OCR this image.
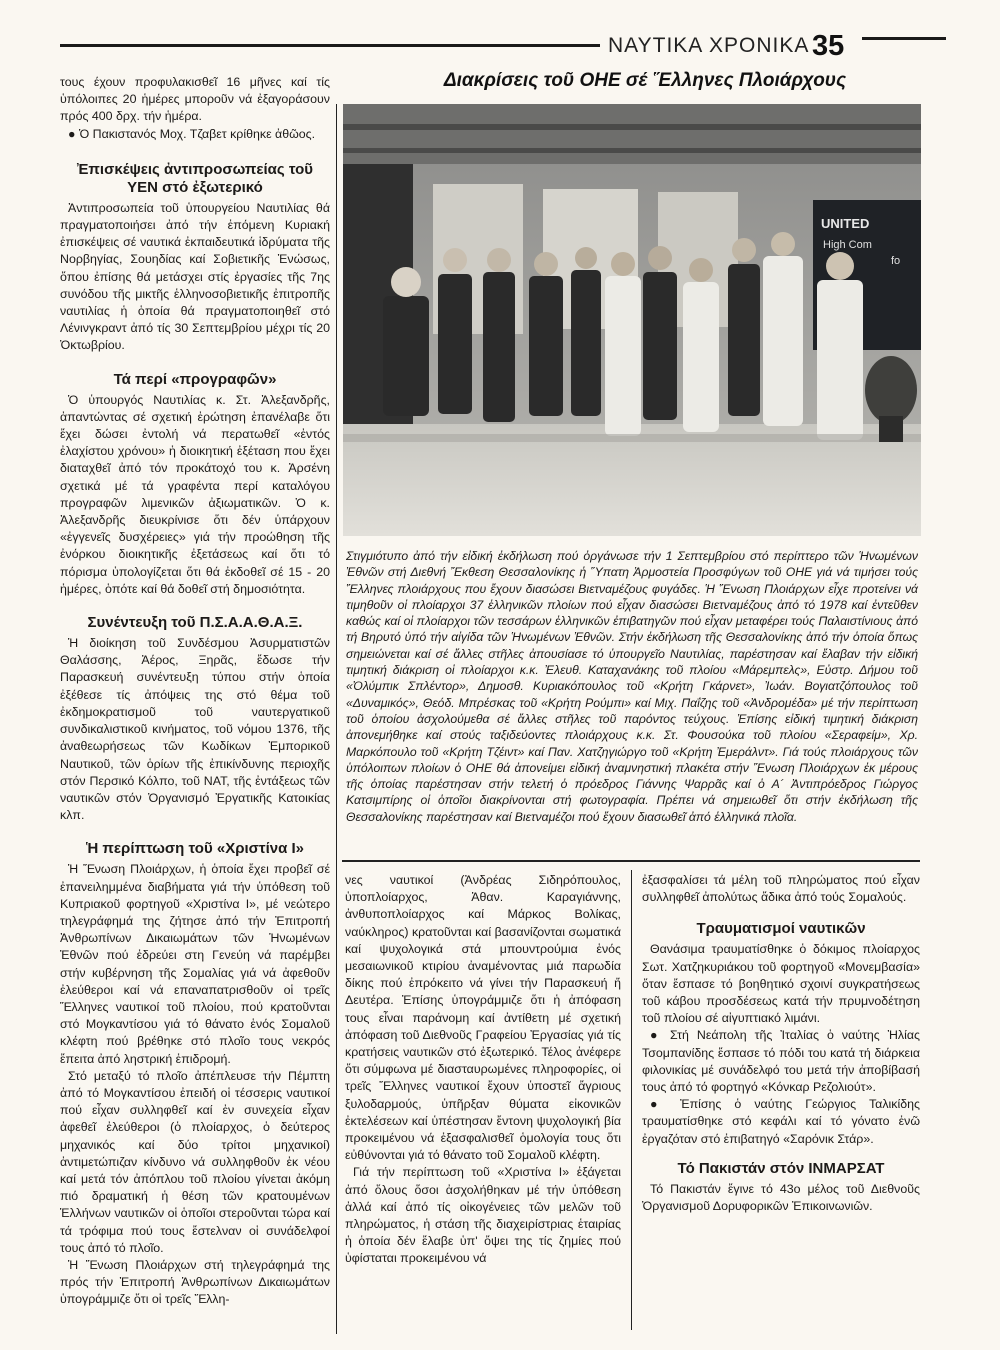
ΝΑΥΤΙΚΑ ΧΡΟΝΙΚΑ 35

τους έχουν προφυλακισθεῖ 16 μῆνες καί τίς ὑπόλοιπες 20 ἡμέρες μποροῦν νά ἐξαγοράσουν πρός 400 δρχ. τήν ἡμέρα.

● Ὁ Πακιστανός Μοχ. Τζαβετ κρίθηκε ἀθῶος.

Ἐπισκέψεις ἀντιπροσωπείας τοῦ ΥΕΝ στό ἐξωτερικό

Ἀντιπροσωπεία τοῦ ὑπουργείου Ναυτιλίας θά πραγματοποιήσει ἀπό τήν ἑπόμενη Κυριακή ἐπισκέψεις σέ ναυτικά ἐκπαιδευτικά ἱδρύματα τῆς Νορβηγίας, Σουηδίας καί Σοβιετικῆς Ἑνώσως, ὅπου ἐπίσης θά μετάσχει στίς ἐργασίες τῆς 7ης συνόδου τῆς μικτῆς ἑλληνοσοβιετικῆς ἐπιτροπῆς ναυτιλίας ἡ ὁποία θά πραγματοποιηθεῖ στό Λένινγκραντ ἀπό τίς 30 Σεπτεμβρίου μέχρι τίς 20 Ὀκτωβρίου.

Τά περί «προγραφῶν»

Ὁ ὑπουργός Ναυτιλίας κ. Στ. Ἀλεξανδρῆς, ἀπαντώντας σέ σχετική ἐρώτηση ἐπανέλαβε ὅτι ἔχει δώσει ἐντολή νά περατωθεῖ «ἐντός ἐλαχίστου χρόνου» ἡ διοικητική ἐξέταση που ἔχει διαταχθεῖ ἀπό τόν προκάτοχό του κ. Ἀρσένη σχετικά μέ τά γραφέντα περί καταλόγου προγραφῶν λιμενικῶν ἀξιωματικῶν. Ὁ κ. Ἀλεξανδρῆς διευκρίνισε ὅτι δέν ὑπάρχουν «ἐγγενεῖς δυσχέρειες» γιά τήν προώθηση τῆς ἐνόρκου διοικητικῆς ἐξετάσεως καί ὅτι τό πόρισμα ὑπολογίζεται ὅτι θά ἐκδοθεῖ σέ 15 - 20 ἡμέρες, ὁπότε καί θά δοθεῖ στή δημοσιότητα.

Συνέντευξη τοῦ Π.Σ.Α.Α.Θ.Α.Ξ.

Ἡ διοίκηση τοῦ Συνδέσμου Ἀσυρματιστῶν Θαλάσσης, Ἀέρος, Ξηρᾶς, ἔδωσε τήν Παρασκευή συνέντευξη τύπου στήν ὁποία ἐξέθεσε τίς ἀπόψεις της στό θέμα τοῦ ἐκδημοκρατισμοῦ τοῦ ναυτεργατικοῦ συνδικαλιστικοῦ κινήματος, τοῦ νόμου 1376, τῆς ἀναθεωρήσεως τῶν Κωδίκων Ἐμπορικοῦ Ναυτικοῦ, τῶν ὁρίων τῆς ἐπικίνδυνης περιοχῆς στόν Περσικό Κόλπο, τοῦ ΝΑΤ, τῆς ἐντάξεως τῶν ναυτικῶν στόν Ὀργανισμό Ἐργατικῆς Κατοικίας κλπ.

Ἡ περίπτωση τοῦ «Χριστίνα Ι»

Ἡ Ἕνωση Πλοιάρχων, ἡ ὁποία ἔχει προβεῖ σέ ἐπανειλημμένα διαβήματα γιά τήν ὑπόθεση τοῦ Κυπριακοῦ φορτηγοῦ «Χριστίνα Ι», μέ νεώτερο τηλεγράφημά της ζήτησε ἀπό τήν Ἐπιτροπή Ἀνθρωπίνων Δικαιωμάτων τῶν Ἡνωμένων Ἐθνῶν πού ἑδρεύει στη Γενεύη νά παρέμβει στήν κυβέρνηση τῆς Σομαλίας γιά νά ἀφεθοῦν ἐλεύθεροι καί νά επαναπατρισθοῦν οἱ τρεῖς Ἕλληνες ναυτικοί τοῦ πλοίου, πού κρατοῦνται στό Μογκαντίσου γιά τό θάνατο ἑνός Σομαλοῦ κλέφτη πού βρέθηκε στό πλοῖο τους νεκρός ἔπειτα ἀπό ληστρική ἐπιδρομή.

Στό μεταξύ τό πλοῖο ἀπέπλευσε τήν Πέμπτη ἀπό τό Μογκαντίσου ἐπειδή οἱ τέσσερις ναυτικοί πού εἶχαν συλληφθεῖ καί ἐν συνεχεία εἶχαν ἀφεθεῖ ἐλεύθεροι (ὁ πλοίαρχος, ὁ δεύτερος μηχανικός καί δύο τρίτοι μηχανικοί) ἀντιμετώπιζαν κίνδυνο νά συλληφθοῦν ἐκ νέου καί μετά τόν ἀπόπλου τοῦ πλοίου γίνεται ἀκόμη πιό δραματική ἡ θέση τῶν κρατουμένων Ἑλλήνων ναυτικῶν οἱ ὁποῖοι στεροῦνται τώρα καί τά τρόφιμα πού τους ἔστελναν οἱ συνάδελφοί τους ἀπό τό πλοῖο.

Ἡ Ἕνωση Πλοιάρχων στή τηλεγράφημά της πρός τήν Ἐπιτροπή Ἀνθρωπίνων Δικαιωμάτων ὑπογράμμιζε ὅτι οἱ τρεῖς Ἕλλη-

Διακρίσεις τοῦ ΟΗΕ σέ Ἕλληνες Πλοιάρχους
UNITED
High Com
fo
Στιγμιότυπο ἀπό τήν εἰδική ἐκδήλωση πού ὀργάνωσε τήν 1 Σεπτεμβρίου στό περίπτερο τῶν Ἡνωμένων Ἐθνῶν στή Διεθνή Ἔκθεση Θεσσαλονίκης ἡ Ὕπατη Ἁρμοστεία Προσφύγων τοῦ ΟΗΕ γιά νά τιμήσει τούς Ἕλληνες πλοιάρχους που ἔχουν διασώσει Βιετναμέζους φυγάδες. Ἡ Ἕνωση Πλοιάρχων εἶχε προτείνει νά τιμηθοῦν οἱ πλοίαρχοι 37 ἑλληνικῶν πλοίων πού εἶχαν διασώσει Βιετναμέζους ἀπό τό 1978 καί ἐντεῦθεν καθώς καί οἱ πλοίαρχοι τῶν τεσσάρων ἑλληνικῶν ἐπιβατηγῶν πού εἶχαν μεταφέρει τούς Παλαιστίνιους ἀπό τή Βηρυτό ὑπό τήν αἰγίδα τῶν Ἡνωμένων Ἐθνῶν. Στήν ἐκδήλωση τῆς Θεσσαλονίκης ἀπό τήν ὁποία ὅπως σημειώνεται καί σέ ἄλλες στῆλες ἀπουσίασε τό ὑπουργεῖο Ναυτιλίας, παρέστησαν καί ἔλαβαν τήν εἰδική τιμητική διάκριση οἱ πλοίαρχοι κ.κ. Ἐλευθ. Καταχανάκης τοῦ πλοίου «Μάρεμπελς», Εὐστρ. Δήμου τοῦ «Ὀλύμπικ Σπλέντορ», Δημοσθ. Κυριακόπουλος τοῦ «Κρήτη Γκάρνετ», Ἰωάν. Βογιατζόπουλος τοῦ «Δυναμικός», Θεόδ. Μπρέσκας τοῦ «Κρήτη Ρούμπι» καί Μιχ. Παΐζης τοῦ «Ἀνδρομέδα» μέ τήν περίπτωση τοῦ ὁποίου ἀσχολούμεθα σέ ἄλλες στῆλες τοῦ παρόντος τεύχους. Ἐπίσης εἰδική τιμητική διάκριση ἀπονεμήθηκε καί στούς ταξιδεύοντες πλοιάρχους κ.κ. Στ. Φουσούκα τοῦ πλοίου «Σεραφείμ», Χρ. Μαρκόπουλο τοῦ «Κρήτη Τζέιντ» καί Παν. Χατζηγιώργο τοῦ «Κρήτη Ἐμεράλντ». Γιά τούς πλοιάρχους τῶν ὑπόλοιπων πλοίων ὁ ΟΗΕ θά ἀπονείμει εἰδική ἀναμνηστική πλακέτα στήν Ἕνωση Πλοιάρχων ἐκ μέρους τῆς ὁποίας παρέστησαν στήν τελετή ὁ πρόεδρος Γιάννης Ψαρρᾶς καί ὁ Α´ Ἀντιπρόεδρος Γιώργος Κατσιμπίρης οἱ ὁποῖοι διακρίνονται στή φωτογραφία. Πρέπει νά σημειωθεῖ ὅτι στήν ἐκδήλωση τῆς Θεσσαλονίκης παρέστησαν καί Βιετναμέζοι πού ἔχουν διασωθεῖ ἀπό ἑλληνικά πλοῖα.

νες ναυτικοί (Ἀνδρέας Σιδηρόπουλος, ὑποπλοίαρχος, Ἀθαν. Καραγιάννης, ἀνθυποπλοίαρχος καί Μάρκος Βολίκας, ναύκληρος) κρατοῦνται καί βασανίζονται σωματικά καί ψυχολογικά στά μπουντρούμια ἑνός μεσαιωνικοῦ κτιρίου ἀναμένοντας μιά παρωδία δίκης πού ἐπρόκειτο νά γίνει τήν Παρασκευή ἤ Δευτέρα. Ἐπίσης ὑπογράμμιζε ὅτι ἡ ἀπόφαση τους εἶναι παράνομη καί ἀντίθετη μέ σχετική ἀπόφαση τοῦ Διεθνοῦς Γραφείου Ἐργασίας γιά τίς κρατήσεις ναυτικῶν στό ἐξωτερικό. Τέλος ἀνέφερε ὅτι σύμφωνα μέ διασταυρωμένες πληροφορίες, οἱ τρεῖς Ἕλληνες ναυτικοί ἔχουν ὑποστεῖ ἄγριους ξυλοδαρμούς, ὑπῆρξαν θύματα εἰκονικῶν ἐκτελέσεων καί ὑπέστησαν ἔντονη ψυχολογική βία προκειμένου νά ἐξασφαλισθεῖ ὁμολογία τους ὅτι εὐθύνονται γιά τό θάνατο τοῦ Σομαλοῦ κλέφτη.

Γιά τήν περίπτωση τοῦ «Χριστίνα Ι» ἐξάγεται ἀπό ὅλους ὅσοι ἀσχολήθηκαν μέ τήν ὑπόθεση ἀλλά καί ἀπό τίς οἰκογένειες τῶν μελῶν τοῦ πληρώματος, ἡ στάση τῆς διαχειρίστριας ἑταιρίας ἡ ὁποία δέν ἔλαβε ὑπ' ὄψει της τίς ζημίες πού ὑφίσταται προκειμένου νά

ἐξασφαλίσει τά μέλη τοῦ πληρώματος πού εἶχαν συλληφθεῖ ἀπολύτως ἄδικα ἀπό τούς Σομαλούς.

Τραυματισμοί ναυτικῶν

Θανάσιμα τραυματίσθηκε ὁ δόκιμος πλοίαρχος Σωτ. Χατζηκυριάκου τοῦ φορτηγοῦ «Μονεμβασία» ὅταν ἔσπασε τό βοηθητικό σχοινί συγκρατήσεως τοῦ κάβου προσδέσεως κατά τήν πρυμνοδέτηση τοῦ πλοίου σέ αἰγυπτιακό λιμάνι.

● Στή Νεάπολη τῆς Ἰταλίας ὁ ναύτης Ἡλίας Τσομπανίδης ἔσπασε τό πόδι του κατά τή διάρκεια φιλονικίας μέ συνάδελφό του μετά τήν ἀποβίβασή τους ἀπό τό φορτηγό «Κόνκαρ Ρεζολιούτ».

● Ἐπίσης ὁ ναύτης Γεώργιος Ταλικίδης τραυματίσθηκε στό κεφάλι καί τό γόνατο ἐνῶ ἐργαζόταν στό ἐπιβατηγό «Σαρόνικ Στάρ».

Τό Πακιστάν στόν ΙΝΜΑΡΣΑΤ

Τό Πακιστάν ἔγινε τό 43ο μέλος τοῦ Διεθνοῦς Ὀργανισμοῦ Δορυφορικῶν Ἐπικοινωνιῶν.
